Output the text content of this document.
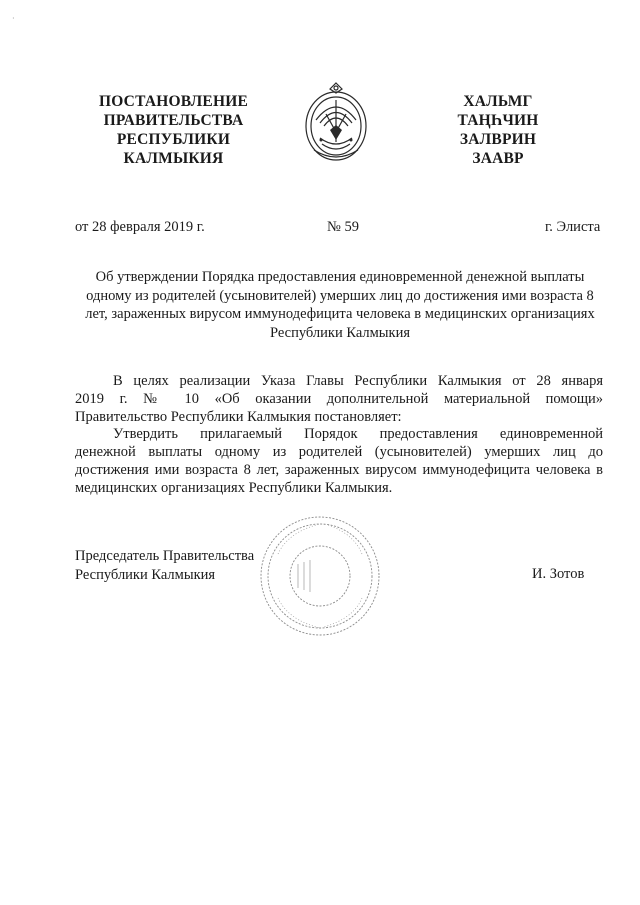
·
ПОСТАНОВЛЕНИЕ
ПРАВИТЕЛЬСТВА
РЕСПУБЛИКИ
КАЛМЫКИЯ
ХАЛЬМГ
ТАҢҺЧИН
ЗАЛВРИН
ЗААВР
от 28 февраля 2019 г.	№ 59	г. Элиста
Об утверждении Порядка предоставления единовременной денежной выплаты
одному из родителей (усыновителей) умерших лиц до достижения ими возраста 8
лет, зараженных вирусом иммунодефицита человека в медицинских организациях
Республики Калмыкия
В целях реализации Указа Главы Республики Калмыкия от 28 января
2019 г. № 10 «Об оказании дополнительной материальной помощи»
Правительство Республики Калмыкия постановляет:
Утвердить прилагаемый Порядок предоставления единовременной
денежной выплаты одному из родителей (усыновителей) умерших лиц до
достижения ими возраста 8 лет, зараженных вирусом иммунодефицита человека в
медицинских организациях Республики Калмыкия.
Председатель Правительства
Республики Калмыкия	И. Зотов
